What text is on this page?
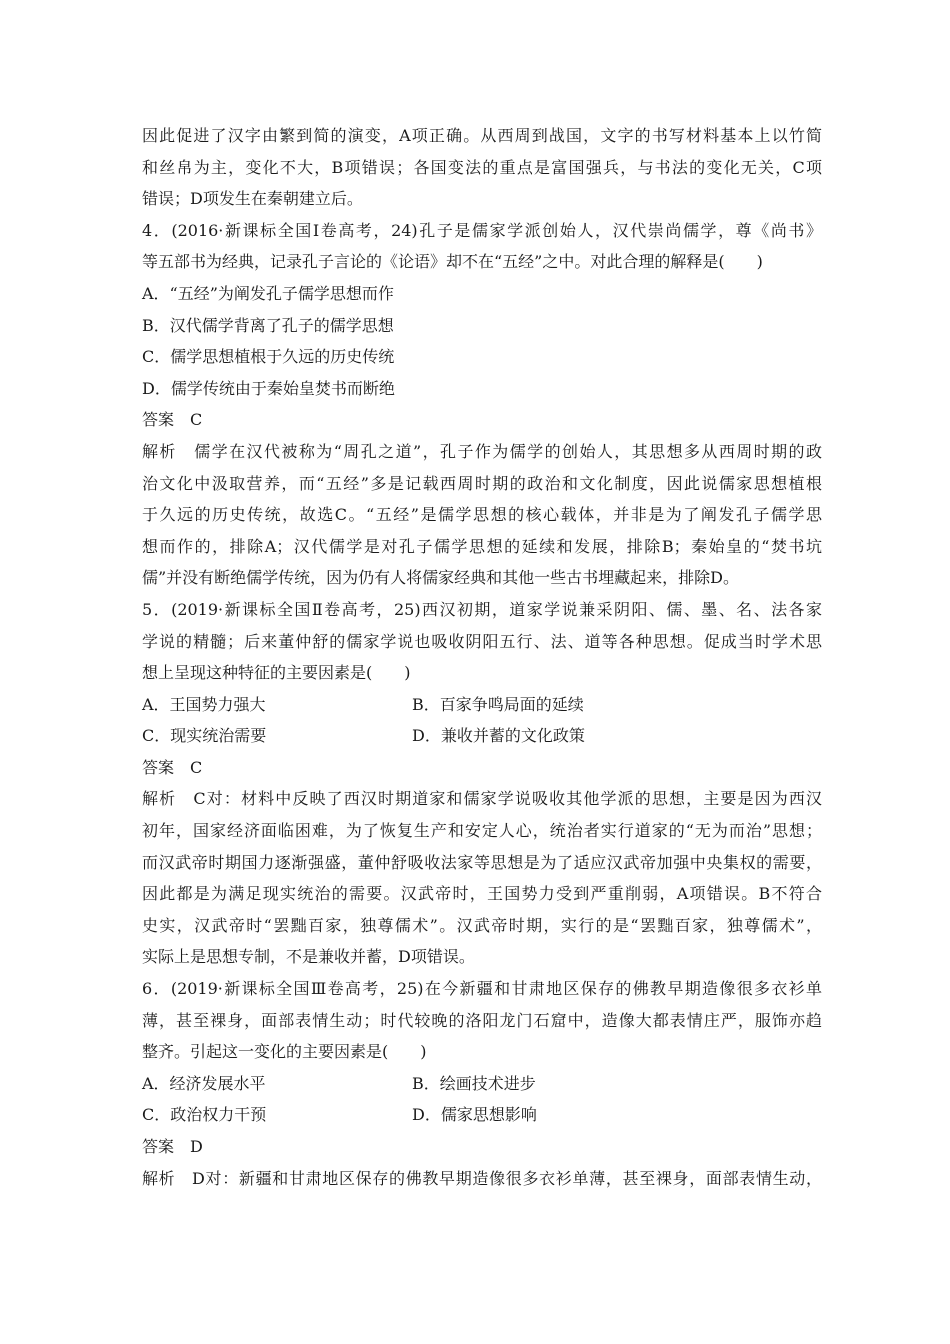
因此促进了汉字由繁到简的演变，A项正确。从西周到战国，文字的书写材料基本上以竹简
和丝帛为主，变化不大，B项错误；各国变法的重点是富国强兵，与书法的变化无关，C项
错误；D项发生在秦朝建立后。
4．(2016·新课标全国Ⅰ卷高考，24)孔子是儒家学派创始人，汉代崇尚儒学，尊《尚书》
等五部书为经典，记录孔子言论的《论语》却不在“五经”之中。对此合理的解释是(　　)
A．“五经”为阐发孔子儒学思想而作
B．汉代儒学背离了孔子的儒学思想
C．儒学思想植根于久远的历史传统
D．儒学传统由于秦始皇焚书而断绝
答案　C
解析　儒学在汉代被称为“周孔之道”，孔子作为儒学的创始人，其思想多从西周时期的政
治文化中汲取营养，而“五经”多是记载西周时期的政治和文化制度，因此说儒家思想植根
于久远的历史传统，故选C。“五经”是儒学思想的核心载体，并非是为了阐发孔子儒学思
想而作的，排除A；汉代儒学是对孔子儒学思想的延续和发展，排除B；秦始皇的“焚书坑
儒”并没有断绝儒学传统，因为仍有人将儒家经典和其他一些古书埋藏起来，排除D。
5．(2019·新课标全国Ⅱ卷高考，25)西汉初期，道家学说兼采阴阳、儒、墨、名、法各家
学说的精髓；后来董仲舒的儒家学说也吸收阴阳五行、法、道等各种思想。促成当时学术思
想上呈现这种特征的主要因素是(　　)
A．王国势力强大	B．百家争鸣局面的延续
C．现实统治需要	D．兼收并蓄的文化政策
答案　C
解析　C对：材料中反映了西汉时期道家和儒家学说吸收其他学派的思想，主要是因为西汉
初年，国家经济面临困难，为了恢复生产和安定人心，统治者实行道家的“无为而治”思想；
而汉武帝时期国力逐渐强盛，董仲舒吸收法家等思想是为了适应汉武帝加强中央集权的需要，
因此都是为满足现实统治的需要。汉武帝时，王国势力受到严重削弱，A项错误。B不符合
史实，汉武帝时“罢黜百家，独尊儒术”。汉武帝时期，实行的是“罢黜百家，独尊儒术”，
实际上是思想专制，不是兼收并蓄，D项错误。
6．(2019·新课标全国Ⅲ卷高考，25)在今新疆和甘肃地区保存的佛教早期造像很多衣衫单
薄，甚至裸身，面部表情生动；时代较晚的洛阳龙门石窟中，造像大都表情庄严，服饰亦趋
整齐。引起这一变化的主要因素是(　　)
A．经济发展水平	B．绘画技术进步
C．政治权力干预	D．儒家思想影响
答案　D
解析　D对：新疆和甘肃地区保存的佛教早期造像很多衣衫单薄，甚至裸身，面部表情生动，
